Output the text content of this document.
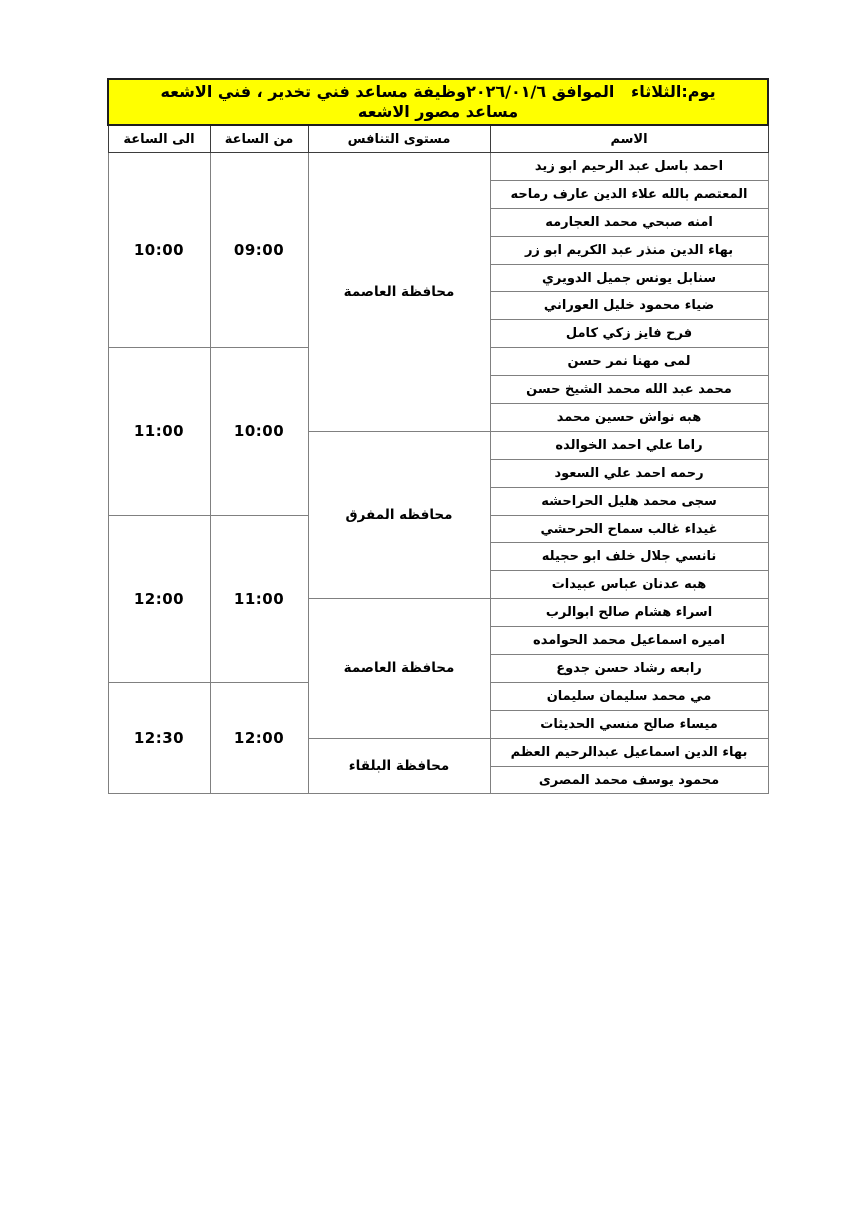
يوم:الثلاثاء   الموافق ٢٠٢٦/٠١/٦وظيفة مساعد فني تخدير ، فني الاشعه
مساعد مصور الاشعه			

الاسم	مستوى التنافس	من الساعة	الى الساعة
احمد باسل عبد الرحيم ابو زيد	محافظة العاصمة	09:00	10:00
المعتصم بالله علاء الدين عارف رماحه			
امنه صبحي محمد العجارمه			
بهاء الدين منذر عبد الكريم ابو زر			
سنابل يونس جميل الدويري			
ضياء محمود خليل العوراني			
فرح فايز زكي كامل			
لمى مهنا نمر حسن		10:00	11:00
محمد عبد الله محمد الشيخ حسن			
هبه نواش حسين محمد			
راما علي احمد الخوالده	محافظه المفرق		
رحمه احمد علي السعود			
سجى محمد هليل الحراحشه			
غيداء غالب سماح الحرحشي		11:00	12:00
نانسي جلال خلف ابو حجيله			
هبه عدنان عباس عبيدات			
اسراء هشام صالح ابوالرب	محافظة العاصمة		
اميره اسماعيل محمد الحوامده			
رابعه رشاد حسن جدوع			
مي محمد سليمان سليمان		12:00	12:30
ميساء صالح منسي الحديثات			
بهاء الدين اسماعيل عبدالرحيم العظم	محافظة البلقاء		
محمود يوسف محمد المصرى			
